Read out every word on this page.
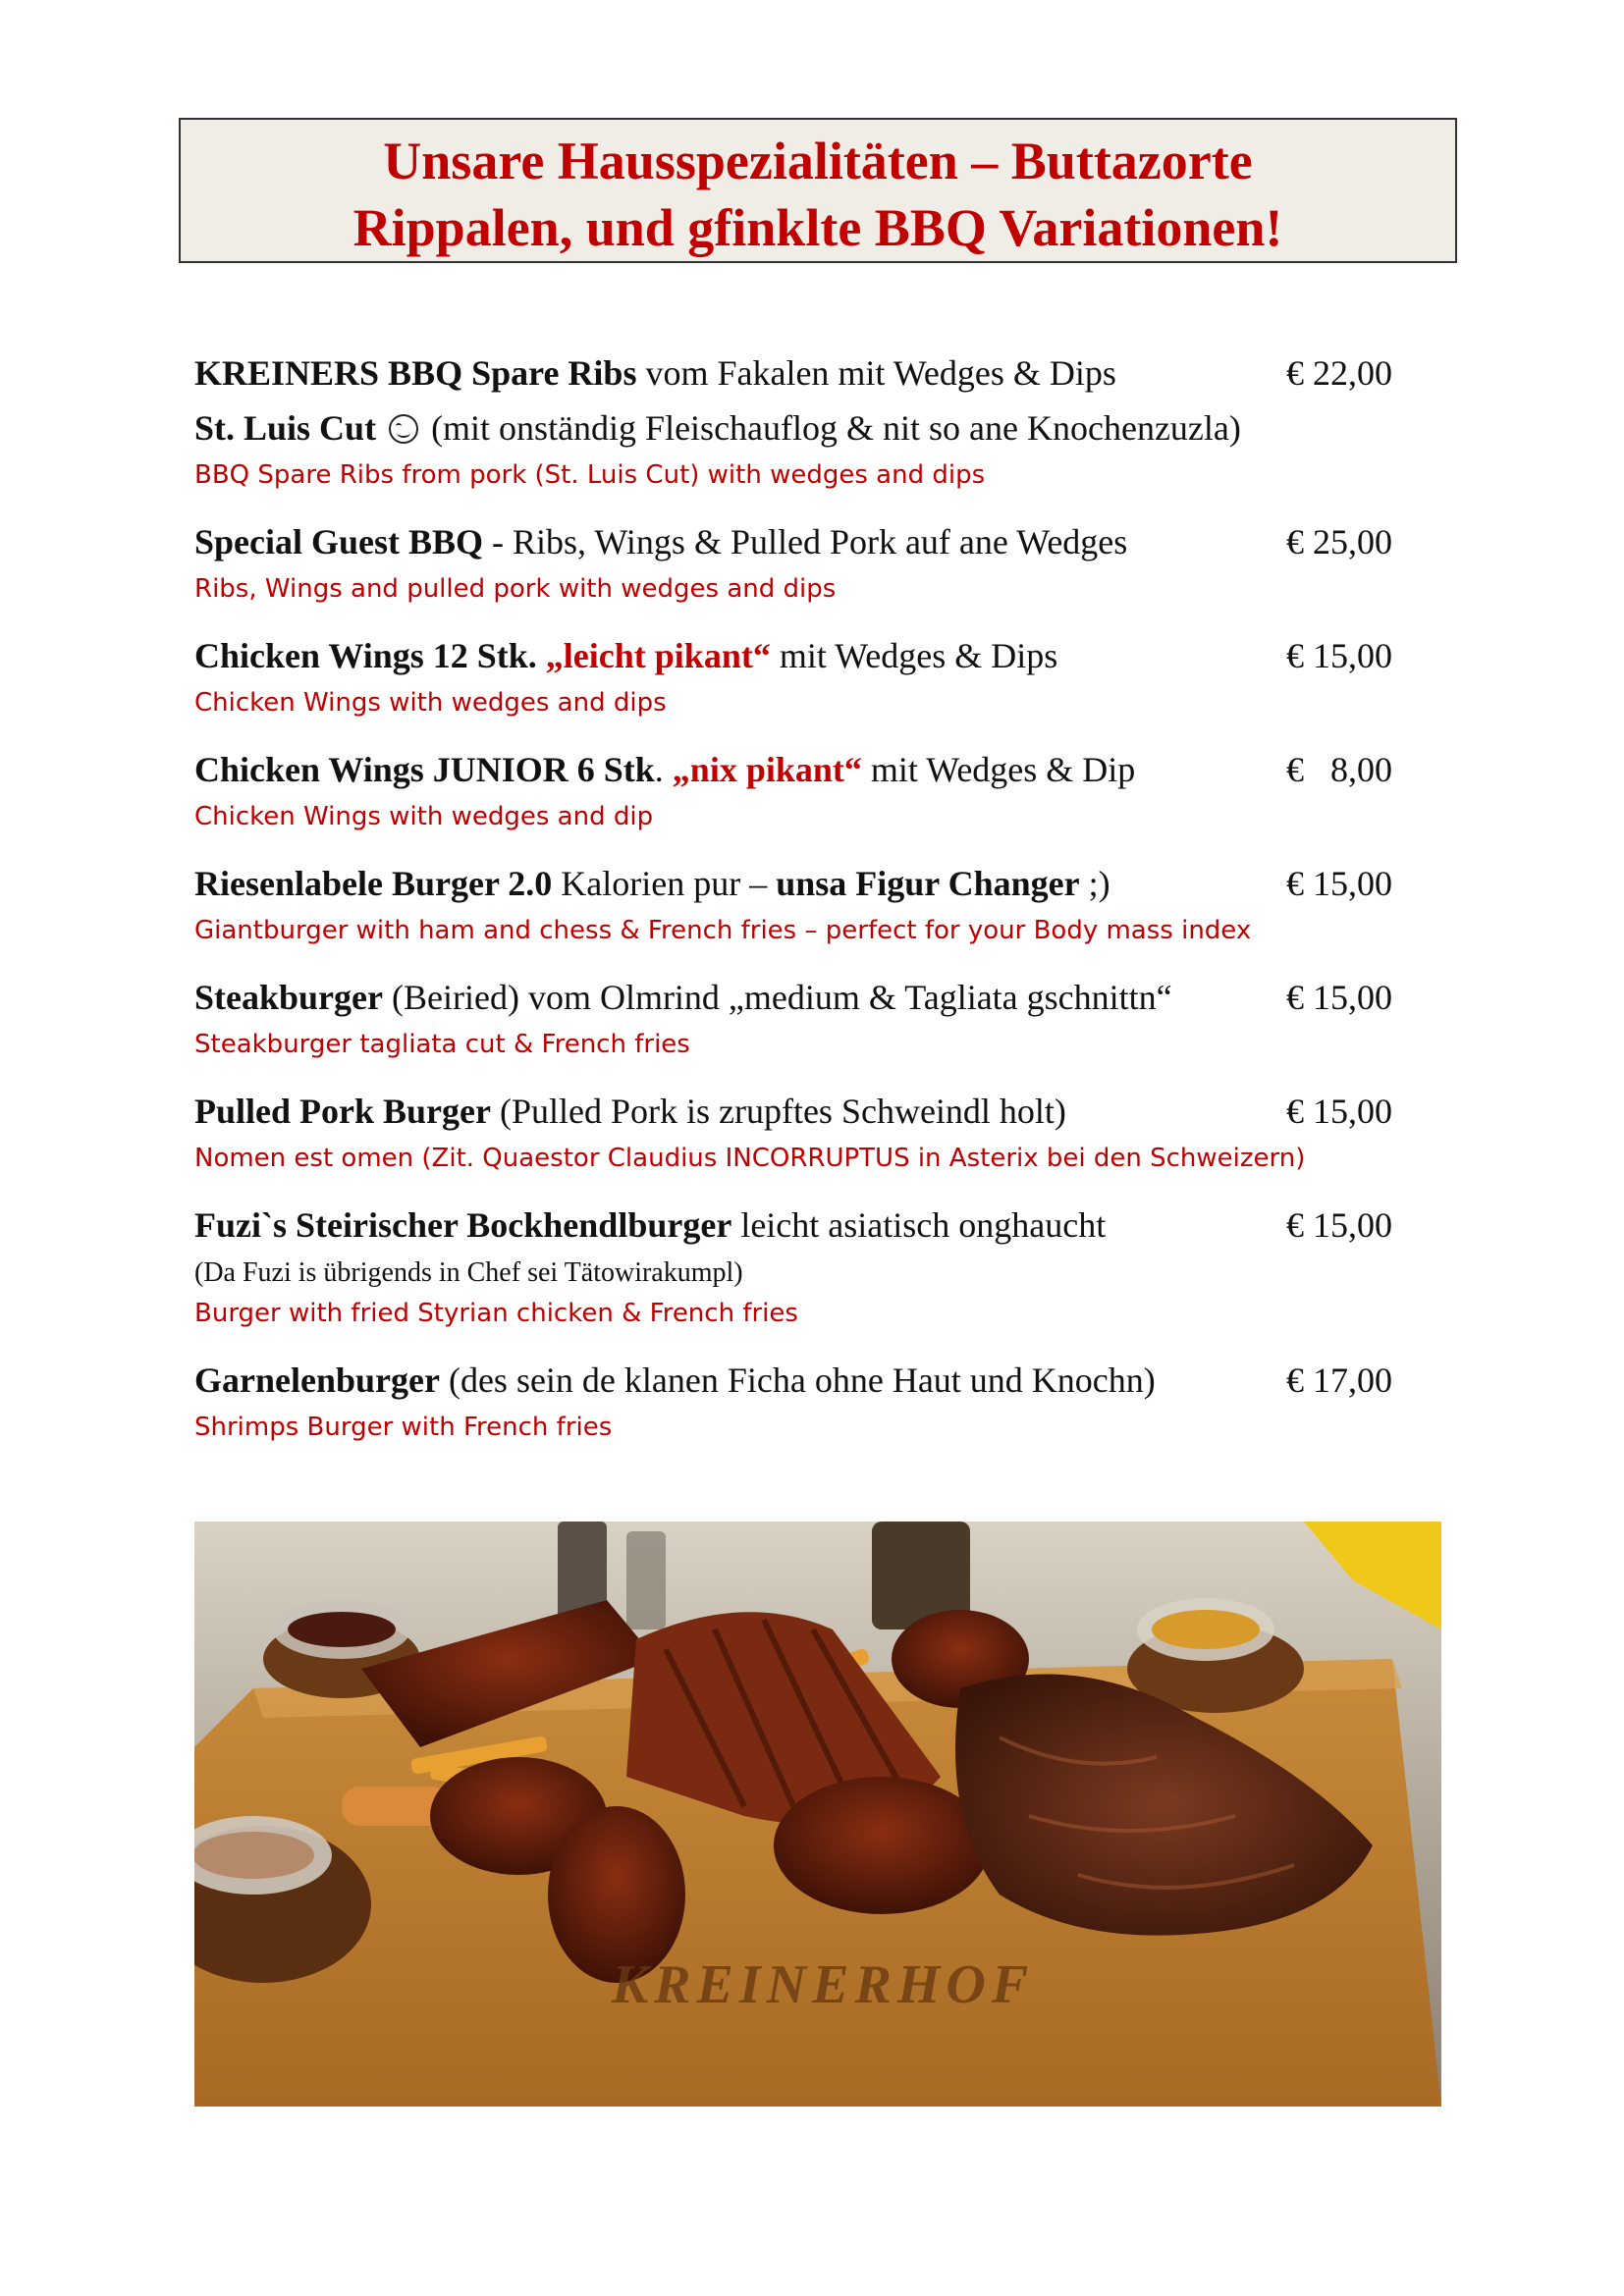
Unsare Hausspezialitäten – Buttazorte
Rippalen, und gfinklte BBQ Variationen!
KREINERS BBQ Spare Ribs vom Fakalen mit Wedges & Dips	€ 22,00
St. Luis Cut  (mit onständig Fleischauflog & nit so ane Knochenzuzla)
BBQ Spare Ribs from pork (St. Luis Cut) with wedges and dips
Special Guest BBQ - Ribs, Wings & Pulled Pork auf ane Wedges	€ 25,00
Ribs, Wings and pulled pork with wedges and dips
Chicken Wings 12 Stk. „leicht pikant“ mit Wedges & Dips	€ 15,00
Chicken Wings with wedges and dips
Chicken Wings JUNIOR 6 Stk. „nix pikant“ mit Wedges & Dip	€   8,00
Chicken Wings with wedges and dip
Riesenlabele Burger 2.0 Kalorien pur – unsa Figur Changer ;)	€ 15,00
Giantburger with ham and chess & French fries – perfect for your Body mass index
Steakburger (Beiried) vom Olmrind „medium & Tagliata gschnittn“	€ 15,00
Steakburger tagliata cut & French fries
Pulled Pork Burger (Pulled Pork is zrupftes Schweindl holt)	€ 15,00
Nomen est omen (Zit. Quaestor Claudius INCORRUPTUS in Asterix bei den Schweizern)
Fuzi`s Steirischer Bockhendlburger leicht asiatisch onghaucht	€ 15,00
(Da Fuzi is übrigends in Chef sei Tätowirakumpl)
Burger with fried Styrian chicken & French fries
Garnelenburger (des sein de klanen Ficha ohne Haut und Knochn)	€ 17,00
Shrimps Burger with French fries
KREINERHOF
